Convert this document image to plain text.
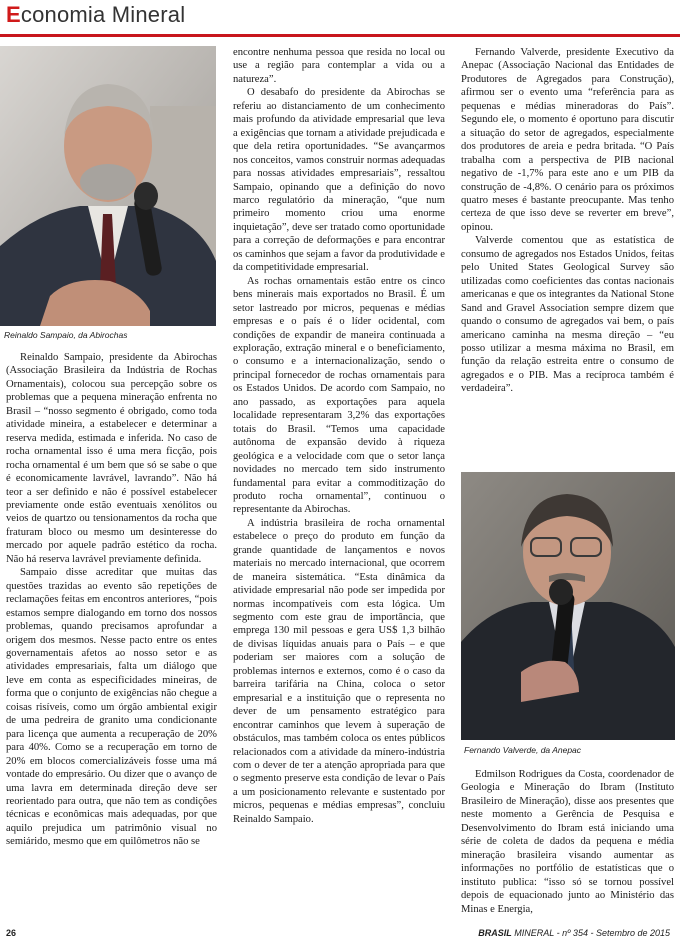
Economia Mineral
Reinaldo Sampaio, da Abirochas

Reinaldo Sampaio, presidente da Abirochas (Associação Brasileira da Indústria de Rochas Ornamentais), colocou sua percepção sobre os problemas que a pequena mineração enfrenta no Brasil – “nosso segmento é obrigado, como toda atividade mineira, a estabelecer e determinar a reserva medida, estimada e inferida. No caso de rocha ornamental isso é uma mera ficção, pois rocha ornamental é um bem que só se sabe o que é economicamente lavrável, lavrando”. Não há teor a ser definido e não é possível estabelecer previamente onde estão eventuais xenólitos ou veios de quartzo ou tensionamentos da rocha que fraturam bloco ou mesmo um desinteresse do mercado por aquele padrão estético da rocha. Não há reserva lavrável previamente definida.

Sampaio disse acreditar que muitas das questões trazidas ao evento são repetições de reclamações feitas em encontros anteriores, “pois estamos sempre dialogando em torno dos nossos problemas, quando precisamos aprofundar a origem dos mesmos. Nesse pacto entre os entes governamentais afetos ao nosso setor e as atividades empresariais, falta um diálogo que leve em conta as especificidades mineiras, de forma que o conjunto de exigências não chegue a coisas risíveis, como um órgão ambiental exigir de uma pedreira de granito uma condicionante para licença que aumenta a recuperação de 20% para 40%. Como se a recuperação em torno de 20% em blocos comercializáveis fosse uma má vontade do empresário. Ou dizer que o avanço de uma lavra em determinada direção deve ser reorientado para outra, que não tem as condições técnicas e econômicas mais adequadas, por que aquilo prejudica um patrimônio visual no semiárido, mesmo que em quilômetros não se

encontre nenhuma pessoa que resida no local ou use a região para contemplar a vida ou a natureza”.

O desabafo do presidente da Abirochas se referiu ao distanciamento de um conhecimento mais profundo da atividade empresarial que leva a exigências que tornam a atividade prejudicada e que dela retira oportunidades. “Se avançarmos nos conceitos, vamos construir normas adequadas para nossas atividades empresariais”, ressaltou Sampaio, opinando que a definição do novo marco regulatório da mineração, “que num primeiro momento criou uma enorme inquietação”, deve ser tratado como oportunidade para a correção de deformações e para encontrar os caminhos que sejam a favor da produtividade e da competitividade empresarial.

As rochas ornamentais estão entre os cinco bens minerais mais exportados no Brasil. É um setor lastreado por micros, pequenas e médias empresas e o país é o líder ocidental, com condições de expandir de maneira continuada a exploração, extração mineral e o beneficiamento, o consumo e a internacionalização, sendo o principal fornecedor de rochas ornamentais para os Estados Unidos. De acordo com Sampaio, no ano passado, as exportações para aquela localidade representaram 3,2% das exportações totais do Brasil. “Temos uma capacidade autônoma de expansão devido à riqueza geológica e a velocidade com que o setor lança novidades no mercado tem sido instrumento fundamental para evitar a commoditização do produto rocha ornamental”, continuou o representante da Abirochas.

A indústria brasileira de rocha ornamental estabelece o preço do produto em função da grande quantidade de lançamentos e novos materiais no mercado internacional, que ocorrem de maneira sistemática. “Esta dinâmica da atividade empresarial não pode ser impedida por normas incompatíveis com esta lógica. Um segmento com este grau de importância, que emprega 130 mil pessoas e gera US$ 1,3 bilhão de divisas líquidas anuais para o País – e que poderiam ser maiores com a solução de problemas internos e externos, como é o caso da barreira tarifária na China, coloca o setor empresarial e a instituição que o representa no dever de um pensamento estratégico para encontrar caminhos que levem à superação de obstáculos, mas também coloca os entes públicos relacionados com a atividade da mínero-indústria com o dever de ter a atenção apropriada para que o segmento preserve esta condição de levar o País a um posicionamento relevante e sustentado por micros, pequenas e médias empresas”, concluiu Reinaldo Sampaio.

Fernando Valverde, presidente Executivo da Anepac (Associação Nacional das Entidades de Produtores de Agregados para Construção), afirmou ser o evento uma “referência para as pequenas e médias mineradoras do País”. Segundo ele, o momento é oportuno para discutir a situação do setor de agregados, especialmente dos produtores de areia e pedra britada. “O País trabalha com a perspectiva de PIB nacional negativo de -1,7% para este ano e um PIB da construção de -4,8%. O cenário para os próximos quatro meses é bastante preocupante. Mas tenho certeza de que isso deve se reverter em breve”, opinou.

Valverde comentou que as estatística de consumo de agregados nos Estados Unidos, feitas pelo United States Geological Survey são utilizadas como coeficientes das contas nacionais americanas e que os integrantes da National Stone Sand and Gravel Association sempre dizem que quando o consumo de agregados vai bem, o país americano caminha na mesma direção – “eu posso utilizar a mesma máxima no Brasil, em função da relação estreita entre o consumo de agregados e o PIB. Mas a recíproca também é verdadeira”.

Fernando Valverde, da Anepac

Edmilson Rodrigues da Costa, coordenador de Geologia e Mineração do Ibram (Instituto Brasileiro de Mineração), disse aos presentes que neste momento a Gerência de Pesquisa e Desenvolvimento do Ibram está iniciando uma série de coleta de dados da pequena e média mineração brasileira visando aumentar as informações no portfólio de estatísticas que o instituto publica: “isso só se tornou possível depois de equacionado junto ao Ministério das Minas e Energia,

26	BRASIL MINERAL - nº 354 - Setembro de 2015
